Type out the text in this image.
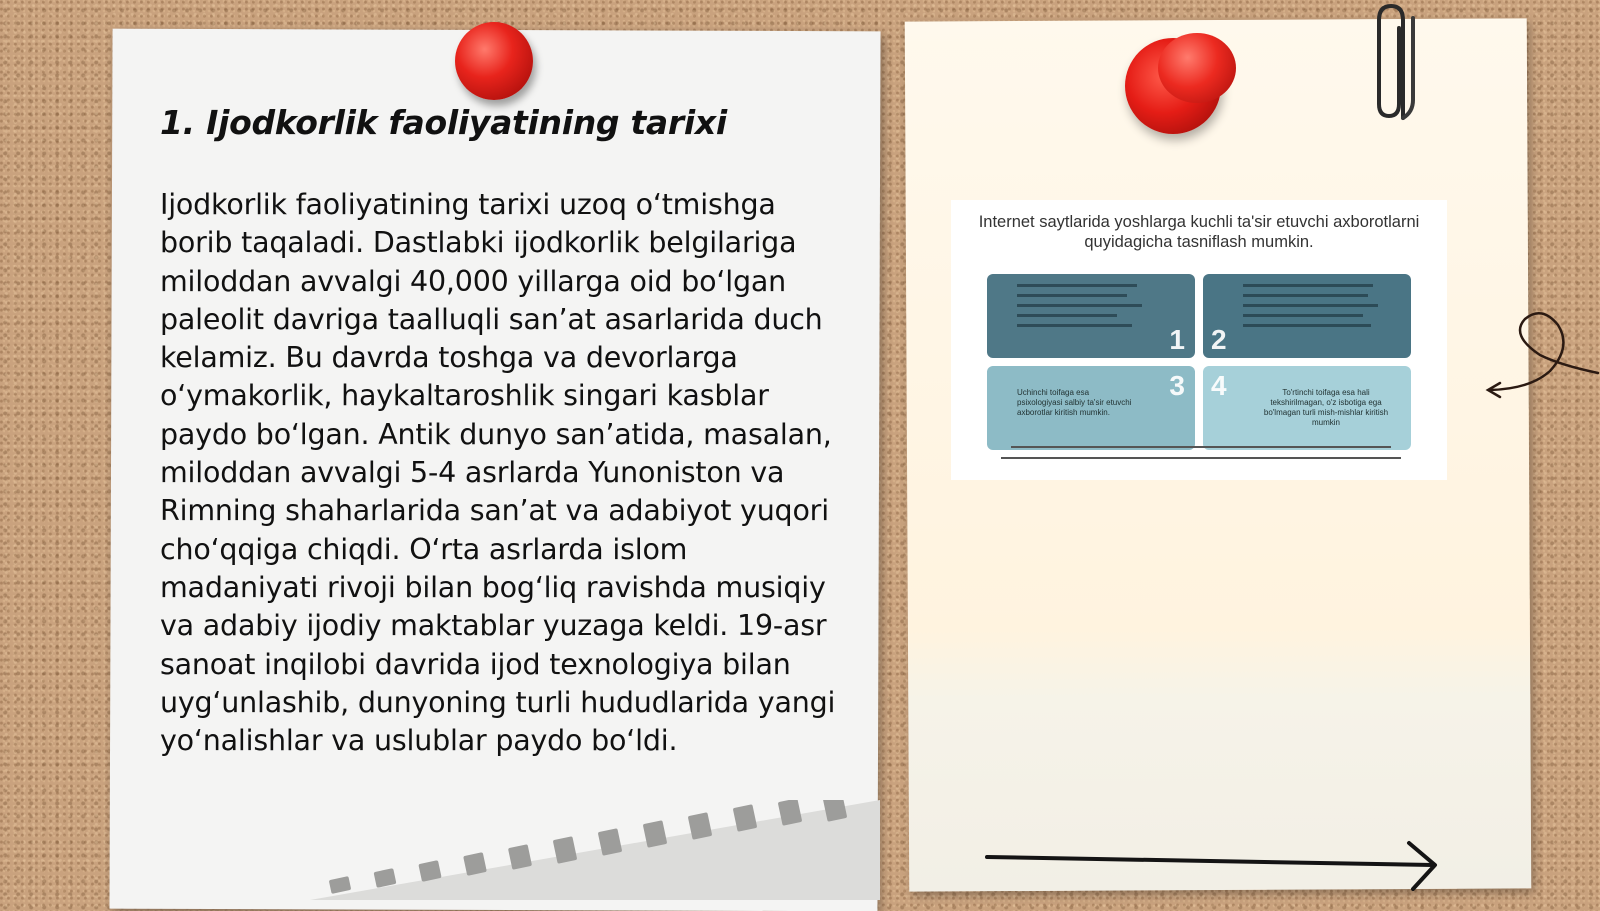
1. Ijodkorlik faoliyatining tarixi

Ijodkorlik faoliyatining tarixi uzoq o‘tmishga borib taqaladi. Dastlabki ijodkorlik belgilariga miloddan avvalgi 40,000 yillarga oid bo‘lgan paleolit davriga taalluqli san’at asarlarida duch kelamiz. Bu davrda toshga va devorlarga o‘ymakorlik, haykaltaroshlik singari kasblar paydo bo‘lgan. Antik dunyo san’atida, masalan, miloddan avvalgi 5-4 asrlarda Yunoniston va Rimning shaharlarida san’at va adabiyot yuqori cho‘qqiga chiqdi. O‘rta asrlarda islom madaniyati rivoji bilan bog‘liq ravishda musiqiy va adabiy ijodiy maktablar yuzaga keldi. 19-asr sanoat inqilobi davrida ijod texnologiya bilan uyg‘unlashib, dunyoning turli hududlarida yangi yo‘nalishlar va uslublar paydo bo‘ldi.

Internet saytlarida yoshlarga kuchli ta'sir etuvchi axborotlarni quyidagicha tasniflash mumkin.

1 2
3
Uchinchi toifaga esa psixologiyasi salbiy ta'sir etuvchi axborotlar kiritish mumkin.
4	To'rtinchi toifaga esa hali tekshirilmagan, o'z isbotiga ega bo'lmagan turli mish-mishlar kiritish mumkin
